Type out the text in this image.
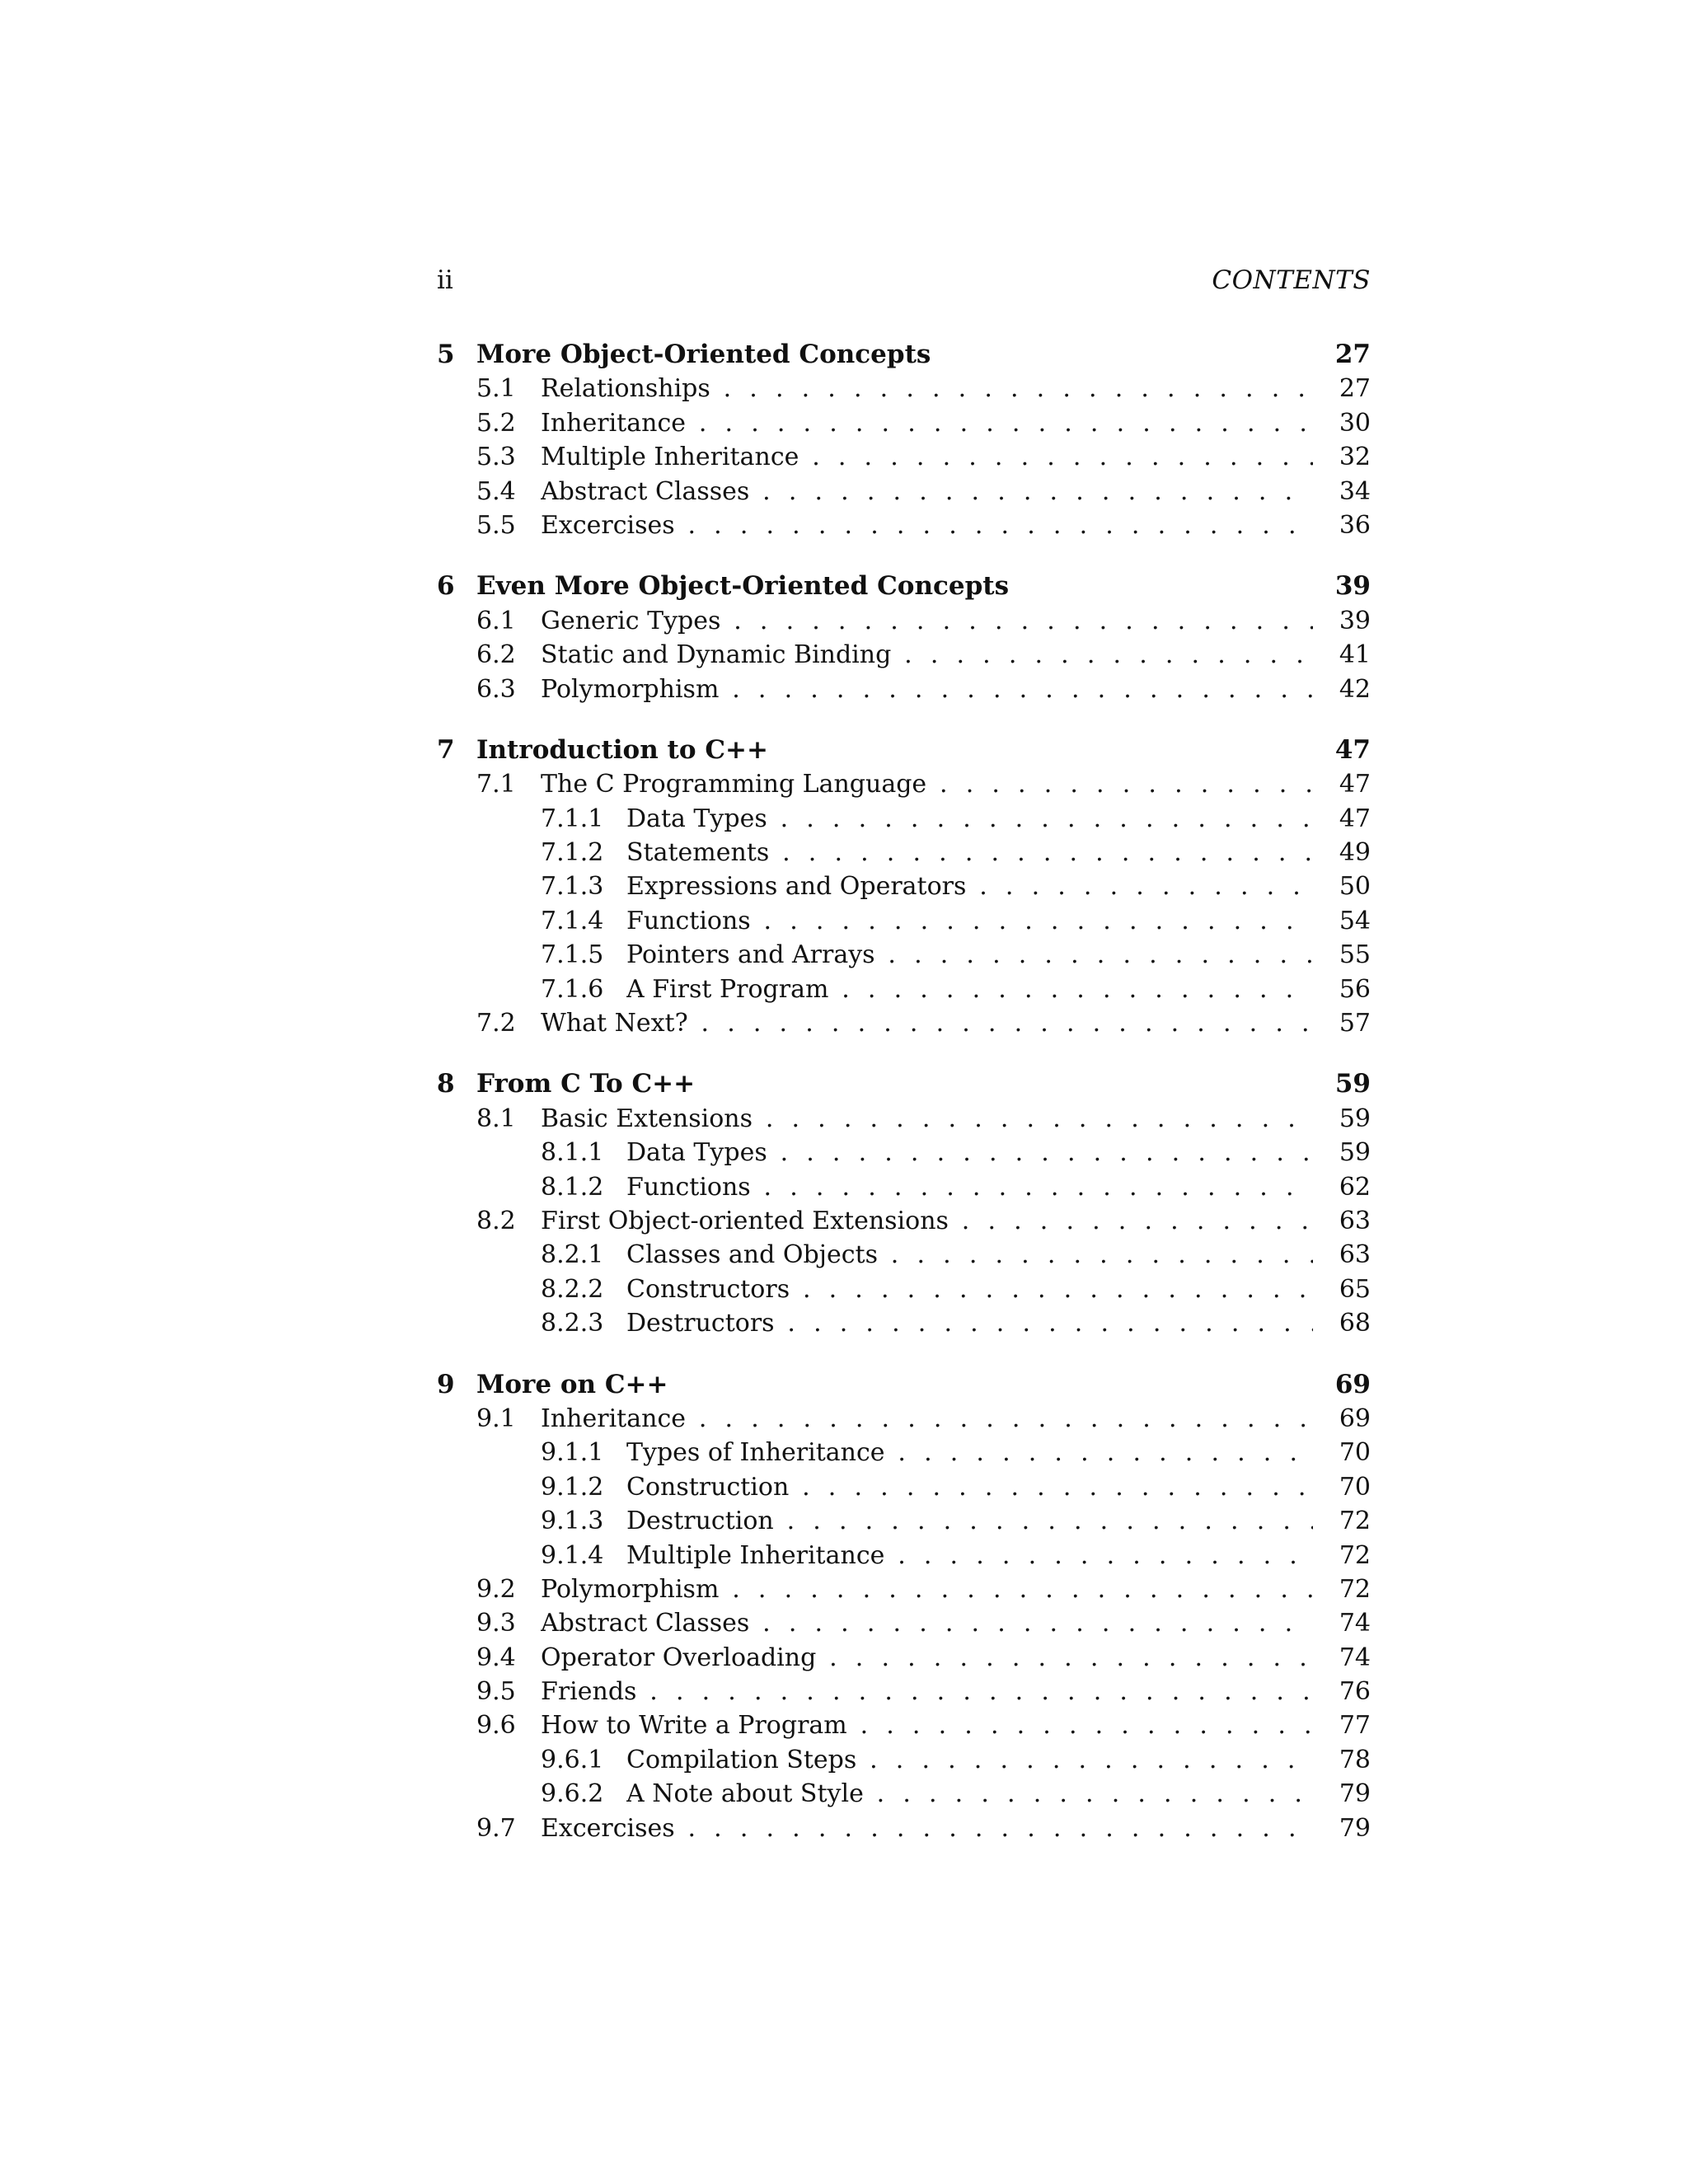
ii	CONTENTS
5 More Object-Oriented Concepts	27
5.1 Relationships . . .	27
5.2 Inheritance . . .	30
5.3 Multiple Inheritance . . .	32
5.4 Abstract Classes . . .	34
5.5 Excercises . . .	36
6 Even More Object-Oriented Concepts	39
6.1 Generic Types . . .	39
6.2 Static and Dynamic Binding . . .	41
6.3 Polymorphism . . .	42
7 Introduction to C++	47
7.1 The C Programming Language . . .	47
7.1.1 Data Types . . .	47
7.1.2 Statements . . .	49
7.1.3 Expressions and Operators . . .	50
7.1.4 Functions . . .	54
7.1.5 Pointers and Arrays . . .	55
7.1.6 A First Program . . .	56
7.2 What Next? . . .	57
8 From C To C++	59
8.1 Basic Extensions . . .	59
8.1.1 Data Types . . .	59
8.1.2 Functions . . .	62
8.2 First Object-oriented Extensions . . .	63
8.2.1 Classes and Objects . . .	63
8.2.2 Constructors . . .	65
8.2.3 Destructors . . .	68
9 More on C++	69
9.1 Inheritance . . .	69
9.1.1 Types of Inheritance . . .	70
9.1.2 Construction . . .	70
9.1.3 Destruction . . .	72
9.1.4 Multiple Inheritance . . .	72
9.2 Polymorphism . . .	72
9.3 Abstract Classes . . .	74
9.4 Operator Overloading . . .	74
9.5 Friends . . .	76
9.6 How to Write a Program . . .	77
9.6.1 Compilation Steps . . .	78
9.6.2 A Note about Style . . .	79
9.7 Excercises . . .	79
